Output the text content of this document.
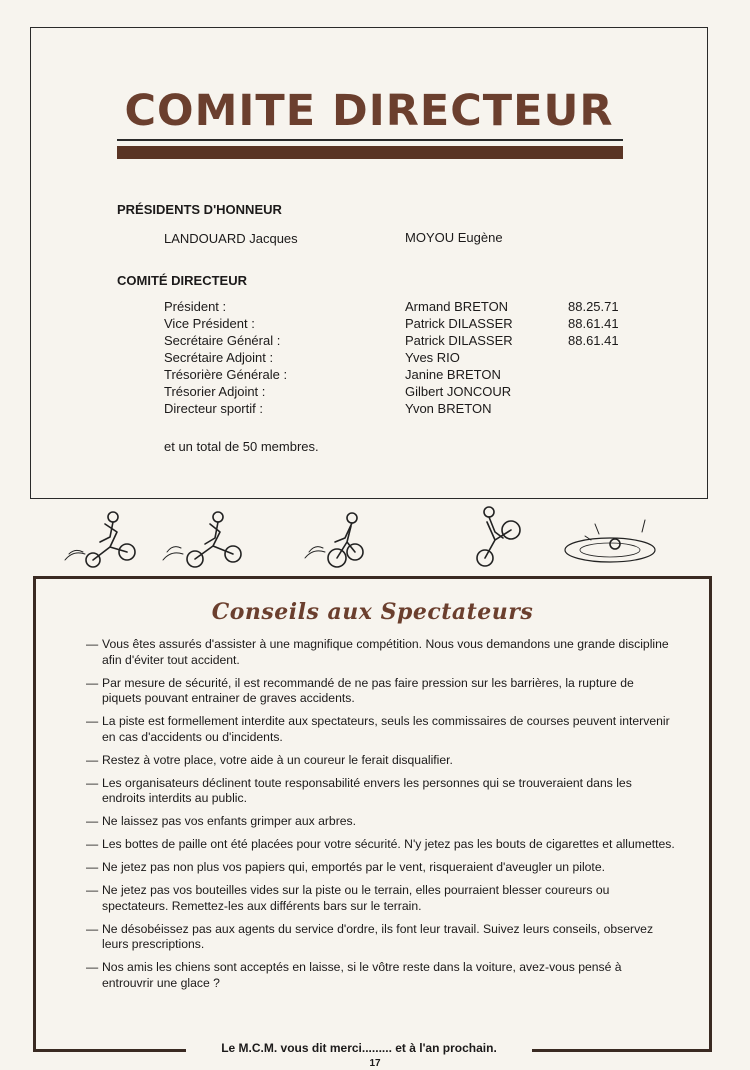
COMITE DIRECTEUR
PRÉSIDENTS D'HONNEUR
LANDOUARD Jacques	MOYOU Eugène
COMITÉ DIRECTEUR
Président :
Vice Président :
Secrétaire Général :
Secrétaire Adjoint :
Trésorière Générale :
Trésorier Adjoint :
Directeur sportif :
Armand BRETON
Patrick DILASSER
Patrick DILASSER
Yves RIO
Janine BRETON
Gilbert JONCOUR
Yvon BRETON
88.25.71
88.61.41
88.61.41
et un total de 50 membres.
Conseils aux Spectateurs
— Vous êtes assurés d'assister à une magnifique compétition. Nous vous demandons une grande discipline afin d'éviter tout accident.
— Par mesure de sécurité, il est recommandé de ne pas faire pression sur les barrières, la rupture de piquets pouvant entrainer de graves accidents.
— La piste est formellement interdite aux spectateurs, seuls les commissaires de courses peuvent intervenir en cas d'accidents ou d'incidents.
— Restez à votre place, votre aide à un coureur le ferait disqualifier.
— Les organisateurs déclinent toute responsabilité envers les personnes qui se trouveraient dans les endroits interdits au public.
— Ne laissez pas vos enfants grimper aux arbres.
— Les bottes de paille ont été placées pour votre sécurité. N'y jetez pas les bouts de cigarettes et allumettes.
— Ne jetez pas non plus vos papiers qui, emportés par le vent, risqueraient d'aveugler un pilote.
— Ne jetez pas vos bouteilles vides sur la piste ou le terrain, elles pourraient blesser coureurs ou spectateurs. Remettez-les aux différents bars sur le terrain.
— Ne désobéissez pas aux agents du service d'ordre, ils font leur travail. Suivez leurs conseils, observez leurs prescriptions.
— Nos amis les chiens sont acceptés en laisse, si le vôtre reste dans la voiture, avez-vous pensé à entrouvrir une glace ?
Le M.C.M. vous dit merci......... et à l'an prochain.
17
